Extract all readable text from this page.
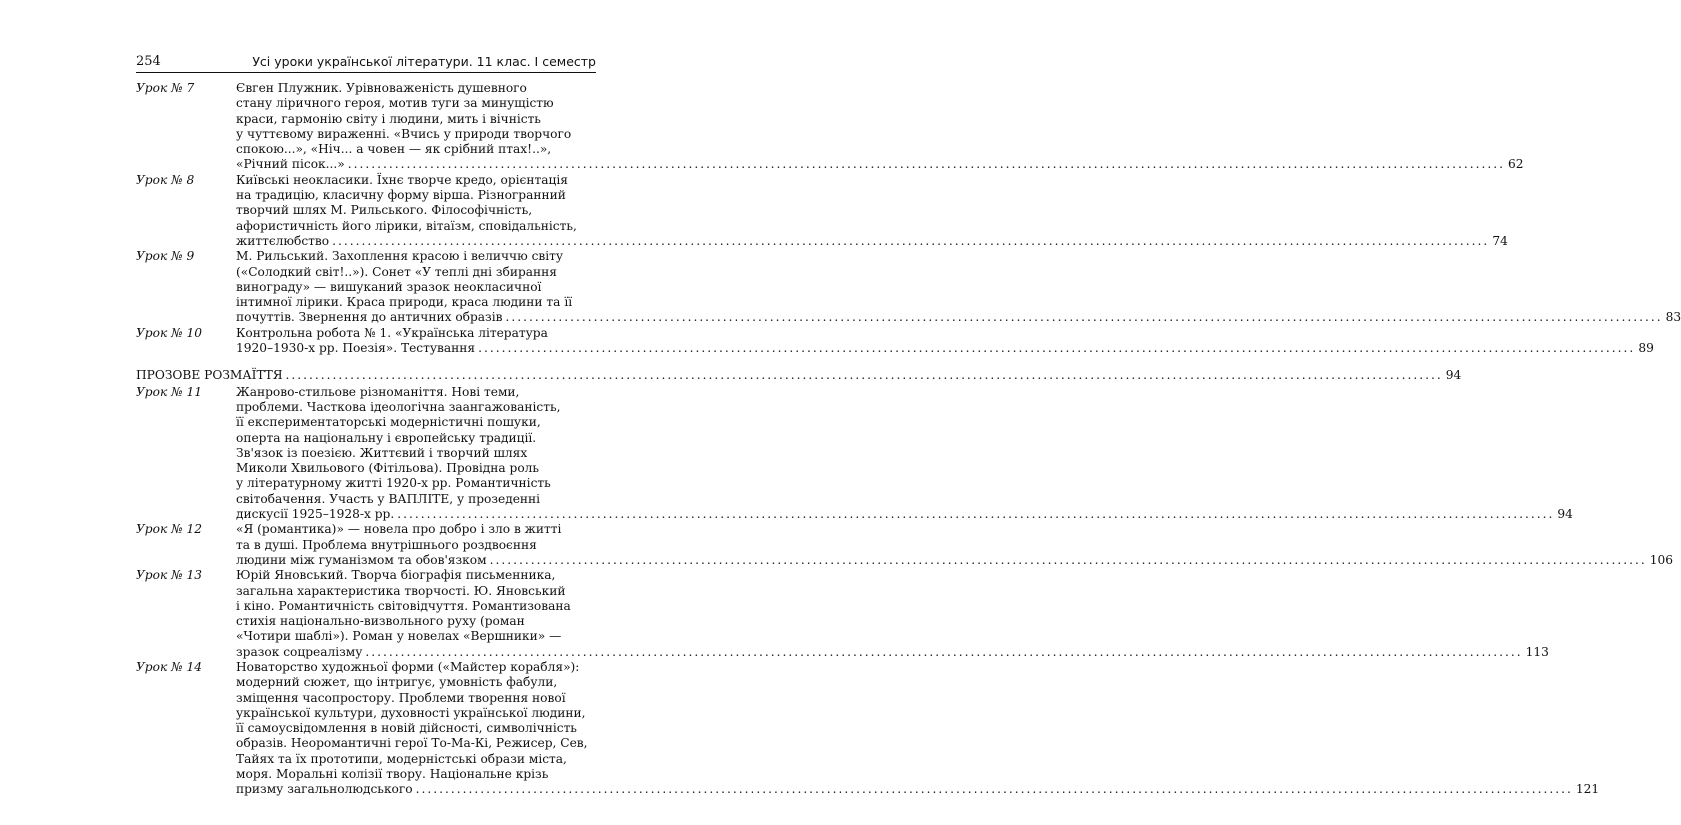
254	Усі уроки української літератури. 11 клас. І семестр
Урок № 7	Євген Плужник. Урівноваженість душевного
стану ліричного героя, мотив туги за минущістю
краси, гармонію світу і людини, мить і вічність
у чуттєвому вираженні. «Вчись у природи творчого
спокою...», «Ніч... а човен — як срібний птах!..»,
«Річний пісок...» .....	62
Урок № 8	Київські неокласики. Їхнє творче кредо, орієнтація
на традицію, класичну форму вірша. Різногранний
творчий шлях М. Рильського. Філософічність,
афористичність його лірики, вітаїзм, сповідальність,
життєлюбство .....	74
Урок № 9	М. Рильський. Захоплення красою і величчю світу
(«Солодкий світ!..»). Сонет «У теплі дні збирання
винограду» — вишуканий зразок неокласичної
інтимної лірики. Краса природи, краса людини та її
почуттів. Звернення до античних образів .....	83
Урок № 10	Контрольна робота № 1. «Українська література
1920–1930-х рр. Поезія». Тестування .....	89
ПРОЗОВЕ РОЗМАЇТТЯ .....	94
Урок № 11	Жанрово-стильове різноманіття. Нові теми,
проблеми. Часткова ідеологічна заангажованість,
її експериментаторські модерністичні пошуки,
оперта на національну і європейську традиції.
Зв'язок із поезією. Життєвий і творчий шлях
Миколи Хвильового (Фітільова). Провідна роль
у літературному житті 1920-х рр. Романтичність
світобачення. Участь у ВАПЛІТЕ, у прозеденні
дискусії 1925–1928-х рр. .....	94
Урок № 12	«Я (романтика)» — новела про добро і зло в житті
та в душі. Проблема внутрішнього роздвоєння
людини між гуманізмом та обов'язком .....	106
Урок № 13	Юрій Яновський. Творча біографія письменника,
загальна характеристика творчості. Ю. Яновський
і кіно. Романтичність світовідчуття. Романтизована
стихія національно-визвольного руху (роман
«Чотири шаблі»). Роман у новелах «Вершники» —
зразок соцреалізму .....	113
Урок № 14	Новаторство художньої форми («Майстер корабля»):
модерний сюжет, що інтригує, умовність фабули,
зміщення часопростору. Проблеми творення нової
української культури, духовності української людини,
її самоусвідомлення в новій дійсності, символічність
образів. Неоромантичні герої То-Ма-Кі, Режисер, Сев,
Тайях та їх прототипи, модерністські образи міста,
моря. Моральні колізії твору. Національне крізь
призму загальнолюдського .....	121
